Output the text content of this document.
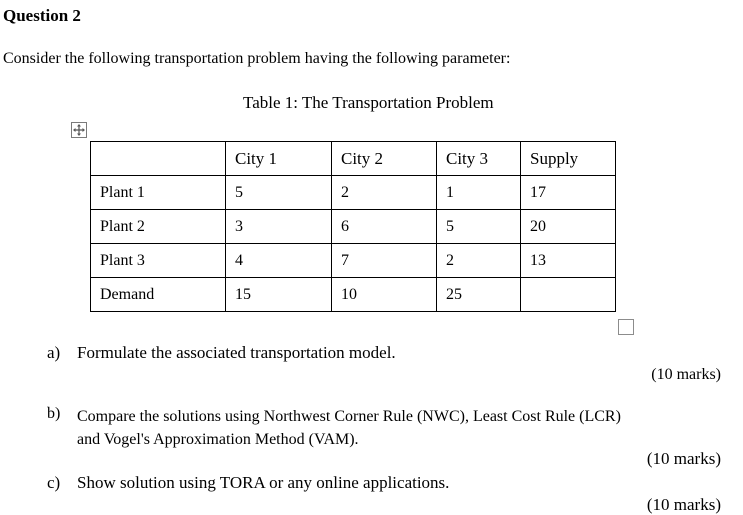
Question 2
Consider the following transportation problem having the following parameter:
Table 1: The Transportation Problem
	City 1	City 2	City 3	Supply
Plant 1	5	2	1	17
Plant 2	3	6	5	20
Plant 3	4	7	2	13
Demand	15	10	25	
a) Formulate the associated transportation model.
(10 marks)
b) Compare the solutions using Northwest Corner Rule (NWC), Least Cost Rule (LCR)
and Vogel's Approximation Method (VAM).
(10 marks)
c) Show solution using TORA or any online applications.
(10 marks)
